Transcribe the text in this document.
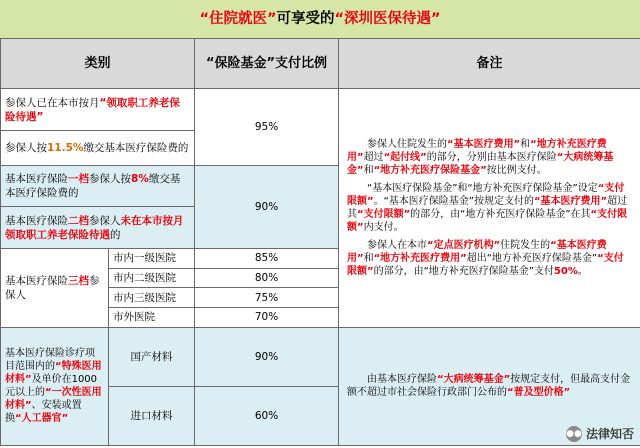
“住院就医”可享受的“深圳医保待遇”
类别		“保险基金”支付比例	备注
参保人已在本市按月“领取职工养老保险待遇”		95%	参保人住院发生的“基本医疗费用”和“地方补充医疗费用”超过“起付线”的部分，分别由基本医疗保险“大病统筹基金”和“地方补充医疗保险基金”按比例支付。

“基本医疗保险基金”和“地方补充医疗保险基金”设定“支付限额”。“基本医疗保险基金”按规定支付的“基本医疗费用”超过其“支付限额”的部分，由“地方补充医疗保险基金”在其“支付限额”内支付。

参保人在本市“定点医疗机构”住院发生的“基本医疗费用”和“地方补充医疗费用”超出“地方补充医疗保险基金”“支付限额”的部分，由“地方补充医疗保险基金”支付50%。

参保人按11.5%缴交基本医疗保险费的			
基本医疗保险一档参保人按8%缴交基本医疗保险费的		90%	
基本医疗保险二档参保人未在本市按月领取职工养老保险待遇的			
基本医疗保险三档参保人	市内一级医院	85%	
	市内二级医院	80%	
	市内三级医院	75%	
	市外医院	70%	
基本医疗保险诊疗项目范围内的“特殊医用材料”及单价在1000元以上的“一次性医用材料”、安装或置换“人工器官”	国产材料	90%	由基本医疗保险“大病统筹基金”按规定支付，但最高支付金额不超过市社会保险行政部门公布的“普及型价格”

	进口材料	60%	
●● 法律知否
